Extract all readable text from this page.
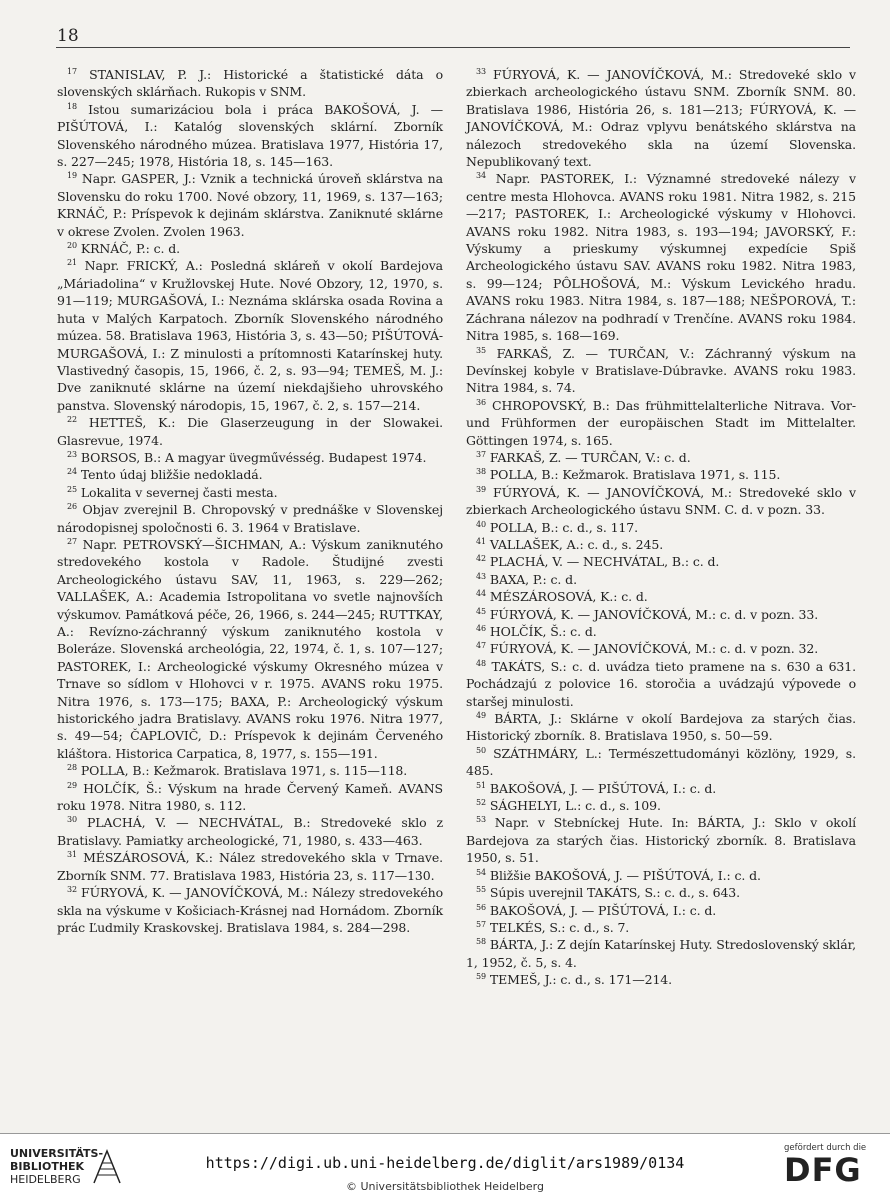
18

$^{17}$ STANISLAV, P. J.: Historické a štatistické dáta o slovenských sklárňach. Rukopis v SNM.

$^{18}$ Istou sumarizáciou bola i práca BAKOŠOVÁ, J. — PIŠÚTOVÁ, I.: Katalóg slovenských sklární. Zborník Slovenského národného múzea. Bratislava 1977, História 17, s. 227—245; 1978, História 18, s. 145—163.

$^{19}$ Napr. GASPER, J.: Vznik a technická úroveň sklárstva na Slovensku do roku 1700. Nové obzory, 11, 1969, s. 137—163; KRNÁČ, P.: Príspevok k dejinám sklárstva. Zaniknuté sklárne v okrese Zvolen. Zvolen 1963.

$^{20}$ KRNÁČ, P.: c. d.

$^{21}$ Napr. FRICKÝ, A.: Posledná skláreň v okolí Bardejova „Máriadolina“ v Kružlovskej Hute. Nové Obzory, 12, 1970, s. 91—119; MURGAŠOVÁ, I.: Neznáma sklárska osada Rovina a huta v Malých Karpatoch. Zborník Slovenského národného múzea. 58. Bratislava 1963, História 3, s. 43—50; PIŠÚTOVÁ-MURGAŠOVÁ, I.: Z minulosti a prítomnosti Katarínskej huty. Vlastivedný časopis, 15, 1966, č. 2, s. 93—94; TEMEŠ, M. J.: Dve zaniknuté sklárne na území niekdajšieho uhrovského panstva. Slovenský národopis, 15, 1967, č. 2, s. 157—214.

$^{22}$ HETTEŠ, K.: Die Glaserzeugung in der Slowakei. Glasrevue, 1974.

$^{23}$ BORSOS, B.: A magyar üvegművésség. Budapest 1974.

$^{24}$ Tento údaj bližšie nedokladá.

$^{25}$ Lokalita v severnej časti mesta.

$^{26}$ Objav zverejnil B. Chropovský v prednáške v Slovenskej národopisnej spoločnosti 6. 3. 1964 v Bratislave.

$^{27}$ Napr. PETROVSKÝ—ŠICHMAN, A.: Výskum zaniknutého stredovekého kostola v Radole. Študijné zvesti Archeologického ústavu SAV, 11, 1963, s. 229—262; VALLAŠEK, A.: Academia Istropolitana vo svetle najnovších výskumov. Památková péče, 26, 1966, s. 244—245; RUTTKAY, A.: Revízno-záchranný výskum zaniknutého kostola v Boleráze. Slovenská archeológia, 22, 1974, č. 1, s. 107—127; PASTOREK, I.: Archeologické výskumy Okresného múzea v Trnave so sídlom v Hlohovci v r. 1975. AVANS roku 1975. Nitra 1976, s. 173—175; BAXA, P.: Archeologický výskum historického jadra Bratislavy. AVANS roku 1976. Nitra 1977, s. 49—54; ČAPLOVIČ, D.: Príspevok k dejinám Červeného kláštora. Historica Carpatica, 8, 1977, s. 155—191.

$^{28}$ POLLA, B.: Kežmarok. Bratislava 1971, s. 115—118.

$^{29}$ HOLČÍK, Š.: Výskum na hrade Červený Kameň. AVANS roku 1978. Nitra 1980, s. 112.

$^{30}$ PLACHÁ, V. — NECHVÁTAL, B.: Stredoveké sklo z Bratislavy. Pamiatky archeologické, 71, 1980, s. 433—463.

$^{31}$ MÉSZÁROSOVÁ, K.: Nález stredovekého skla v Trnave. Zborník SNM. 77. Bratislava 1983, História 23, s. 117—130.

$^{32}$ FÚRYOVÁ, K. — JANOVÍČKOVÁ, M.: Nálezy stredovekého skla na výskume v Košiciach-Krásnej nad Hornádom. Zborník prác Ľudmily Kraskovskej. Bratislava 1984, s. 284—298.

$^{33}$ FÚRYOVÁ, K. — JANOVÍČKOVÁ, M.: Stredoveké sklo v zbierkach archeologického ústavu SNM. Zborník SNM. 80. Bratislava 1986, História 26, s. 181—213; FÚRYOVÁ, K. — JANOVÍČKOVÁ, M.: Odraz vplyvu benátského sklárstva na nálezoch stredovekého skla na území Slovenska. Nepublikovaný text.

$^{34}$ Napr. PASTOREK, I.: Významné stredoveké nálezy v centre mesta Hlohovca. AVANS roku 1981. Nitra 1982, s. 215—217; PASTOREK, I.: Archeologické výskumy v Hlohovci. AVANS roku 1982. Nitra 1983, s. 193—194; JAVORSKÝ, F.: Výskumy a prieskumy výskumnej expedície Spiš Archeologického ústavu SAV. AVANS roku 1982. Nitra 1983, s. 99—124; PÔLHOŠOVÁ, M.: Výskum Levického hradu. AVANS roku 1983. Nitra 1984, s. 187—188; NEŠPOROVÁ, T.: Záchrana nálezov na podhradí v Trenčíne. AVANS roku 1984. Nitra 1985, s. 168—169.

$^{35}$ FARKAŠ, Z. — TURČAN, V.: Záchranný výskum na Devínskej kobyle v Bratislave-Dúbravke. AVANS roku 1983. Nitra 1984, s. 74.

$^{36}$ CHROPOVSKÝ, B.: Das frühmittelalterliche Nitrava. Vor-und Frühformen der europäischen Stadt im Mittelalter. Göttingen 1974, s. 165.

$^{37}$ FARKAŠ, Z. — TURČAN, V.: c. d.

$^{38}$ POLLA, B.: Kežmarok. Bratislava 1971, s. 115.

$^{39}$ FÚRYOVÁ, K. — JANOVÍČKOVÁ, M.: Stredoveké sklo v zbierkach Archeologického ústavu SNM. C. d. v pozn. 33.

$^{40}$ POLLA, B.: c. d., s. 117.

$^{41}$ VALLAŠEK, A.: c. d., s. 245.

$^{42}$ PLACHÁ, V. — NECHVÁTAL, B.: c. d.

$^{43}$ BAXA, P.: c. d.

$^{44}$ MÉSZÁROSOVÁ, K.: c. d.

$^{45}$ FÚRYOVÁ, K. — JANOVÍČKOVÁ, M.: c. d. v pozn. 33.

$^{46}$ HOLČÍK, Š.: c. d.

$^{47}$ FÚRYOVÁ, K. — JANOVÍČKOVÁ, M.: c. d. v pozn. 32.

$^{48}$ TAKÁTS, S.: c. d. uvádza tieto pramene na s. 630 a 631. Pochádzajú z polovice 16. storočia a uvádzajú výpovede o staršej minulosti.

$^{49}$ BÁRTA, J.: Sklárne v okolí Bardejova za starých čias. Historický zborník. 8. Bratislava 1950, s. 50—59.

$^{50}$ SZÁTHMÁRY, L.: Természettudományi közlöny, 1929, s. 485.

$^{51}$ BAKOŠOVÁ, J. — PIŠÚTOVÁ, I.: c. d.

$^{52}$ SÁGHELYI, L.: c. d., s. 109.

$^{53}$ Napr. v Stebníckej Hute. In: BÁRTA, J.: Sklo v okolí Bardejova za starých čias. Historický zborník. 8. Bratislava 1950, s. 51.

$^{54}$ Bližšie BAKOŠOVÁ, J. — PIŠÚTOVÁ, I.: c. d.

$^{55}$ Súpis uverejnil TAKÁTS, S.: c. d., s. 643.

$^{56}$ BAKOŠOVÁ, J. — PIŠÚTOVÁ, I.: c. d.

$^{57}$ TELKÉS, S.: c. d., s. 7.

$^{58}$ BÁRTA, J.: Z dejín Katarínskej Huty. Stredoslovenský sklár, 1, 1952, č. 5, s. 4.

$^{59}$ TEMEŠ, J.: c. d., s. 171—214.

UNIVERSITÄTS-
BIBLIOTHEK
HEIDELBERG
https://digi.ub.uni-heidelberg.de/diglit/ars1989/0134
© Universitätsbibliothek Heidelberg
gefördert durch die
DFG
